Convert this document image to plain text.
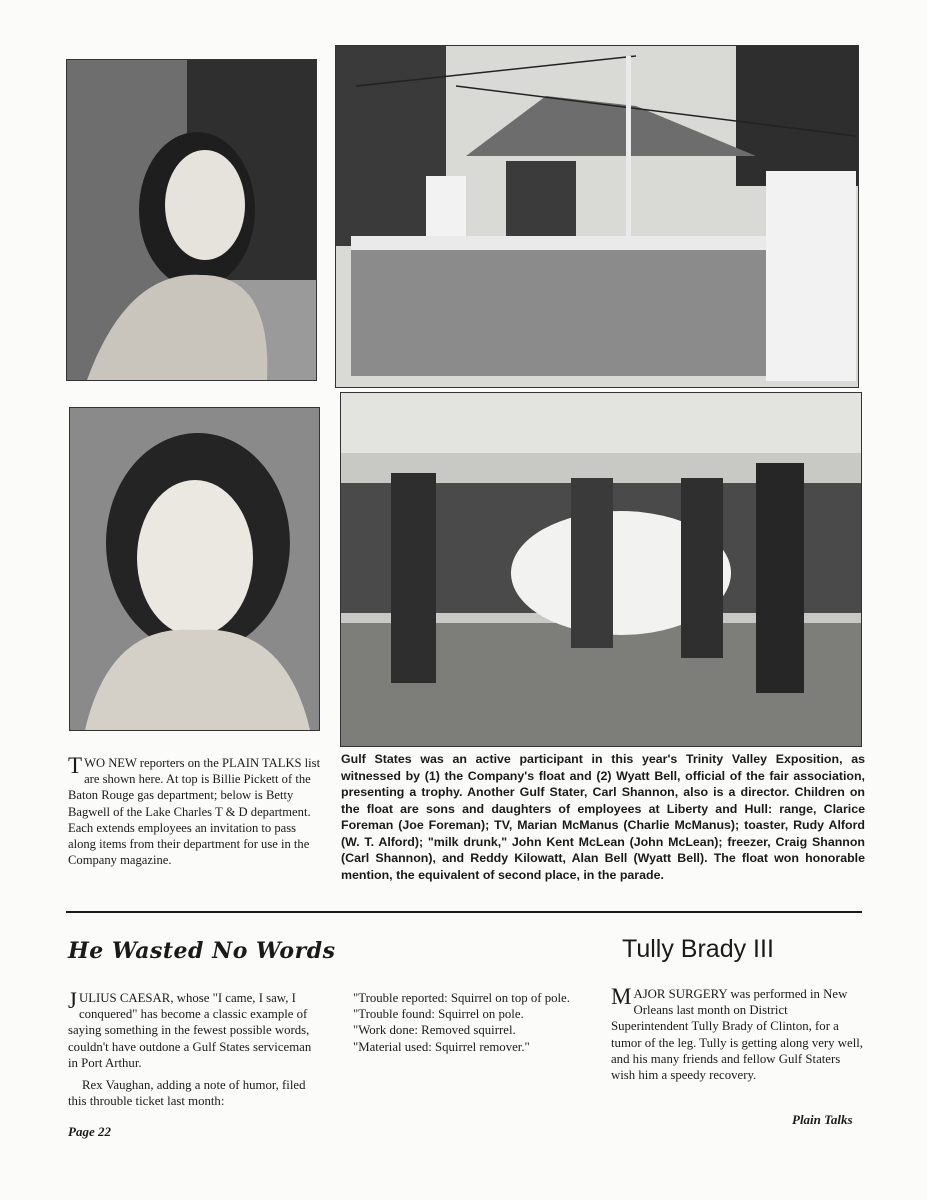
TWO NEW reporters on the PLAIN TALKS list are shown here. At top is Billie Pickett of the Baton Rouge gas department; below is Betty Bagwell of the Lake Charles T & D department. Each extends employees an invitation to pass along items from their department for use in the Company magazine.
Gulf States was an active participant in this year's Trinity Valley Exposition, as witnessed by (1) the Company's float and (2) Wyatt Bell, official of the fair association, presenting a trophy. Another Gulf Stater, Carl Shannon, also is a director. Children on the float are sons and daughters of employees at Liberty and Hull: range, Clarice Foreman (Joe Foreman); TV, Marian McManus (Charlie McManus); toaster, Rudy Alford (W. T. Alford); "milk drunk," John Kent McLean (John McLean); freezer, Craig Shannon (Carl Shannon), and Reddy Kilowatt, Alan Bell (Wyatt Bell). The float won honorable mention, the equivalent of second place, in the parade.
He Wasted No Words	Tully Brady III

JULIUS CAESAR, whose "I came, I saw, I conquered" has become a classic example of saying something in the fewest possible words, couldn't have outdone a Gulf States serviceman in Port Arthur.

Rex Vaughan, adding a note of humor, filed this throuble ticket last month:

"Trouble reported: Squirrel on top of pole.

"Trouble found: Squirrel on pole.

"Work done: Removed squirrel.

"Material used: Squirrel remover."

MAJOR SURGERY was performed in New Orleans last month on District Superintendent Tully Brady of Clinton, for a tumor of the leg. Tully is getting along very well, and his many friends and fellow Gulf Staters wish him a speedy recovery.

Page 22
Plain Talks
